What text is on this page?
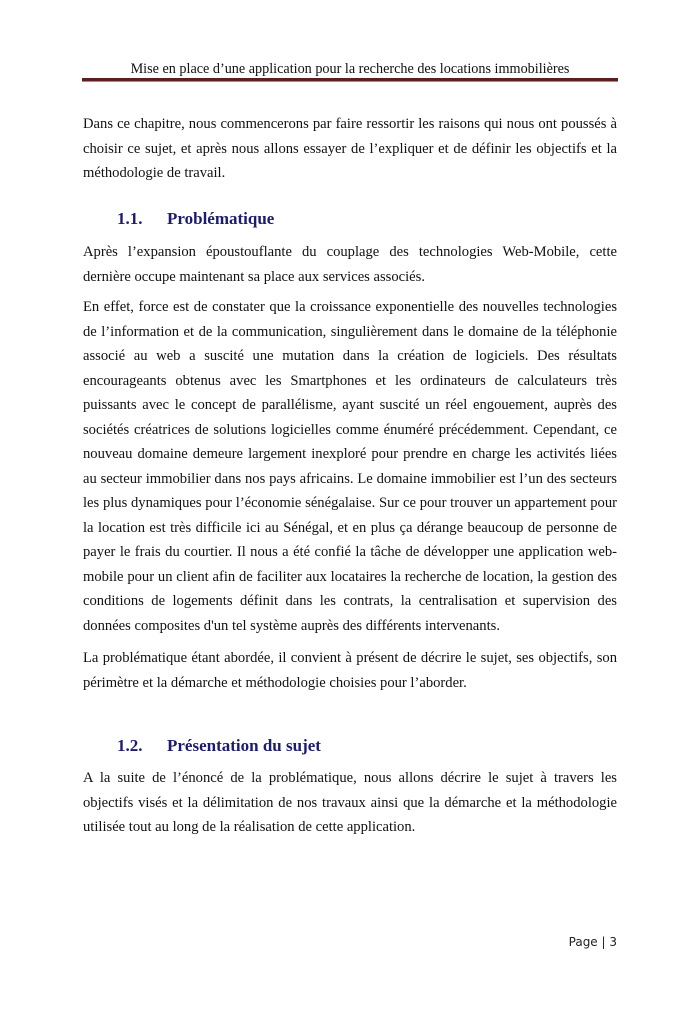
Mise en place d’une application pour la recherche des locations immobilières

Dans ce chapitre, nous commencerons par faire ressortir les raisons qui nous ont poussés à choisir ce sujet, et après nous allons essayer de l’expliquer et de définir les objectifs et la méthodologie de travail.

1.1. Problématique

Après l’expansion époustouflante du couplage des technologies Web-Mobile, cette dernière occupe maintenant sa place aux services associés.

En effet, force est de constater que la croissance exponentielle des nouvelles technologies de l’information et de la communication, singulièrement dans le domaine de la téléphonie associé au web a suscité une mutation dans la création de logiciels. Des résultats encourageants obtenus avec les Smartphones et les ordinateurs de calculateurs très puissants avec le concept de parallélisme, ayant suscité un réel engouement, auprès des sociétés créatrices de solutions logicielles comme énuméré précédemment. Cependant, ce nouveau domaine demeure largement inexploré pour prendre en charge les activités liées au secteur immobilier dans nos pays africains. Le domaine immobilier est l’un des secteurs les plus dynamiques pour l’économie sénégalaise. Sur ce pour trouver un appartement pour la location est très difficile ici au Sénégal, et en plus ça dérange beaucoup de personne de payer le frais du courtier. Il nous a été confié la tâche de développer une application web-mobile pour un client afin de faciliter aux locataires la recherche de location, la gestion des conditions de logements définit dans les contrats, la centralisation et supervision des données composites d'un tel système auprès des différents intervenants.

La problématique étant abordée, il convient à présent de décrire le sujet, ses objectifs, son périmètre et la démarche et méthodologie choisies pour l’aborder.

1.2. Présentation du sujet

A la suite de l’énoncé de la problématique, nous allons décrire le sujet à travers les objectifs visés et la délimitation de nos travaux ainsi que la démarche et la méthodologie utilisée tout au long de la réalisation de cette application.

Page | 3
